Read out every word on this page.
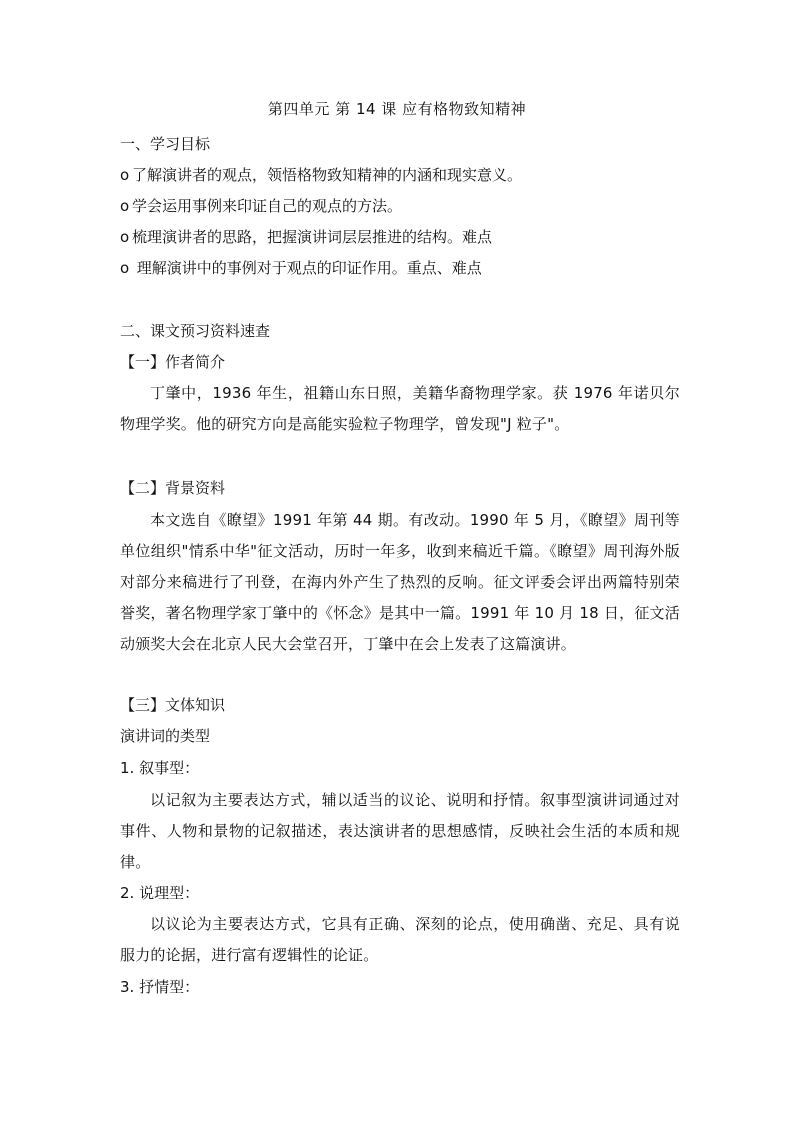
第四单元 第 14 课 应有格物致知精神
一、学习目标
o 了解演讲者的观点，领悟格物致知精神的内涵和现实意义。
o 学会运用事例来印证自己的观点的方法。
o 梳理演讲者的思路，把握演讲词层层推进的结构。难点
o 理解演讲中的事例对于观点的印证作用。重点、难点
二、课文预习资料速查
【一】作者简介
丁肇中，1936 年生，祖籍山东日照，美籍华裔物理学家。获 1976 年诺贝尔物理学奖。他的研究方向是高能实验粒子物理学，曾发现"J 粒子"。
【二】背景资料
本文选自《瞭望》1991 年第 44 期。有改动。1990 年 5 月，《瞭望》周刊等单位组织"情系中华"征文活动，历时一年多，收到来稿近千篇。《瞭望》周刊海外版对部分来稿进行了刊登，在海内外产生了热烈的反响。征文评委会评出两篇特别荣誉奖，著名物理学家丁肇中的《怀念》是其中一篇。1991 年 10 月 18 日，征文活动颁奖大会在北京人民大会堂召开，丁肇中在会上发表了这篇演讲。
【三】文体知识
演讲词的类型
1. 叙事型：
以记叙为主要表达方式，辅以适当的议论、说明和抒情。叙事型演讲词通过对事件、人物和景物的记叙描述，表达演讲者的思想感情，反映社会生活的本质和规律。
2. 说理型：
以议论为主要表达方式，它具有正确、深刻的论点，使用确凿、充足、具有说服力的论据，进行富有逻辑性的论证。
3. 抒情型：
